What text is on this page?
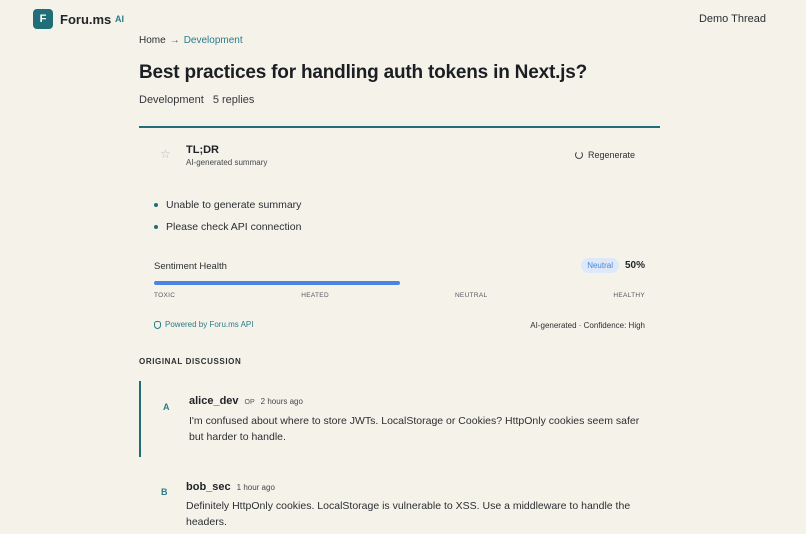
F	Foru.ms AI	Demo Thread
Home → Development
Best practices for handling auth tokens in Next.js?
Development 5 replies
☆ TL;DR
AI-generated summary
Regenerate
Unable to generate summary
Please check API connection
Sentiment Health	Neutral	50%
TOXIC	HEATED	NEUTRAL	HEALTHY
Powered by Foru.ms API	AI-generated · Confidence: High
ORIGINAL DISCUSSION
A alice_dev OP 2 hours ago

I'm confused about where to store JWTs. LocalStorage or Cookies? HttpOnly cookies seem safer but harder to handle.

B bob_sec 1 hour ago

Definitely HttpOnly cookies. LocalStorage is vulnerable to XSS. Use a middleware to handle the headers.
